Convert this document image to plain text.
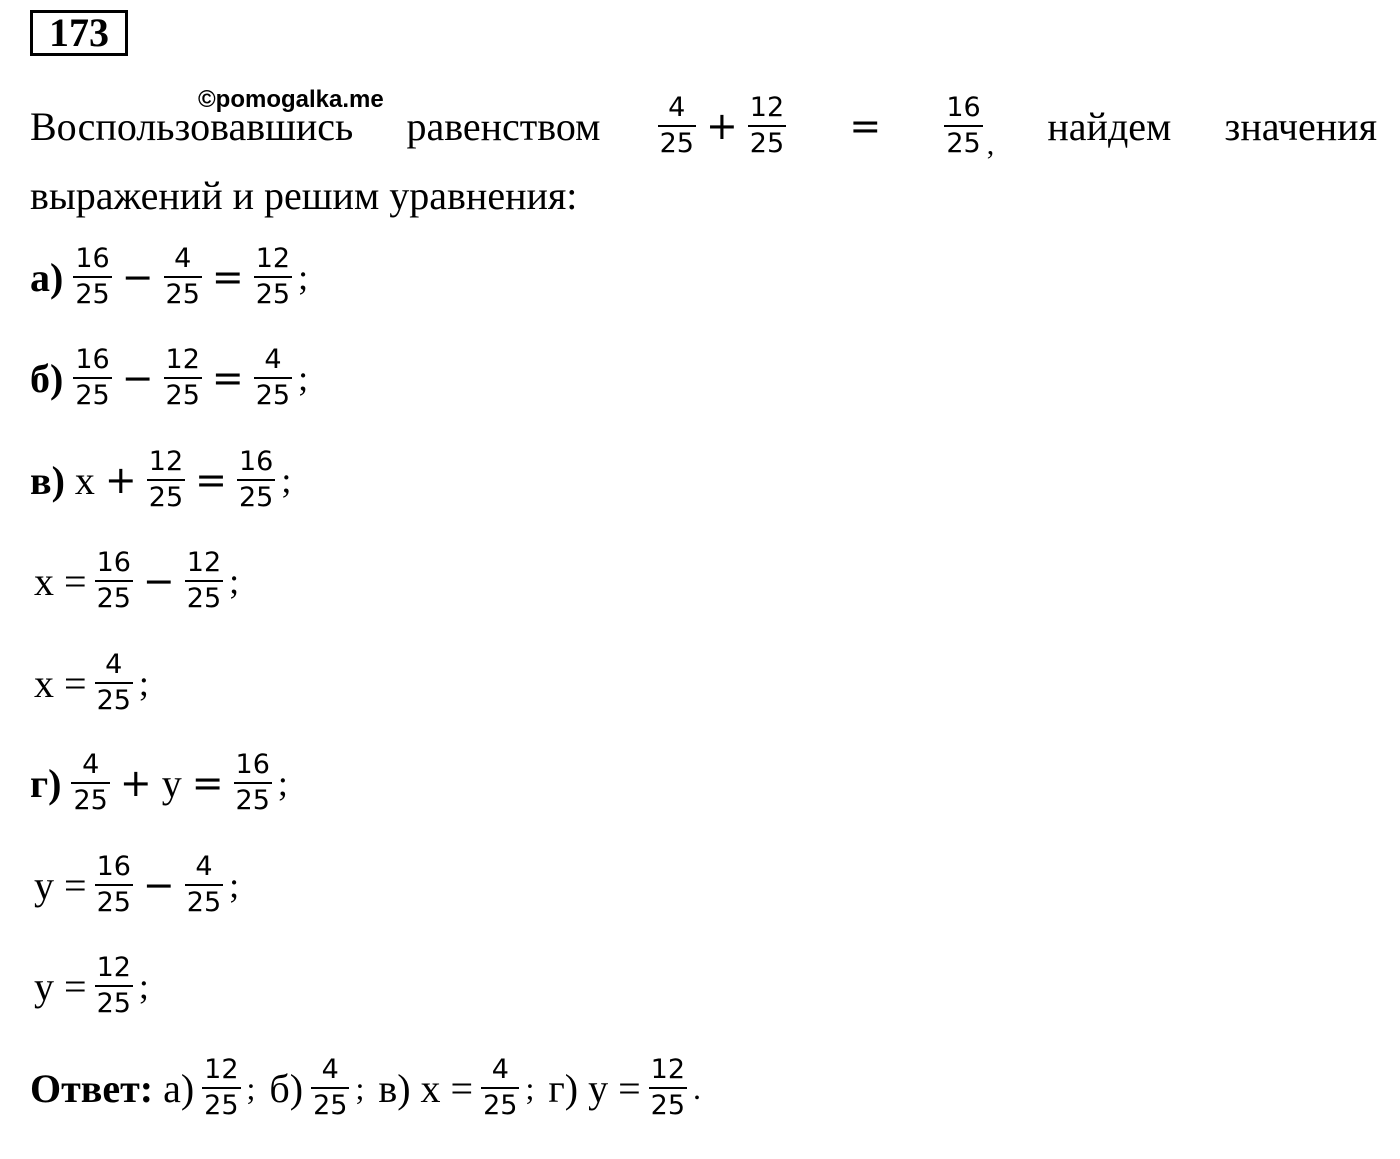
173
©pomogalka.me
Воспользовавшись равенством $\frac{4}{25} + \frac{12}{25} = \frac{16}{25}$ , найдем значения
выражений и решим уравнения:
$а) \frac{16}{25} - \frac{4}{25} = \frac{12}{25}$ ;
$б) \frac{16}{25} - \frac{12}{25} = \frac{4}{25}$ ;
в) $x + \frac{12}{25} = \frac{16}{25}$ ;
$x = \frac{16}{25} - \frac{12}{25}$ ;
$x = \frac{4}{25}$ ;
$г) \frac{4}{25} + y = \frac{16}{25}$ ;
$y = \frac{16}{25} - \frac{4}{25}$ ;
$y = \frac{12}{25}$ ;
Ответ: $а) \frac{12}{25}$ ; $б) \frac{4}{25}$ ; в) $x = \frac{4}{25}$ ; г) $y = \frac{12}{25}$ .
